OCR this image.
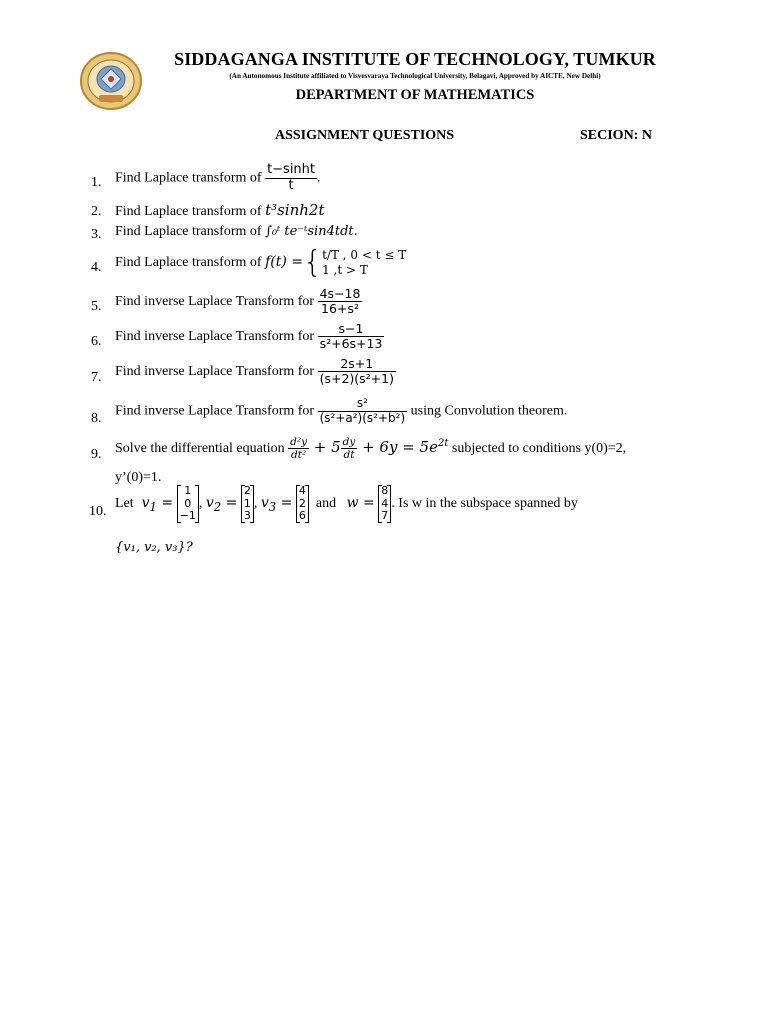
SIDDAGANGA INSTITUTE OF TECHNOLOGY, TUMKUR
(An Autonomous Institute affiliated to Visvesvaraya Technological University, Belagavi, Approved by AICTE, New Delhi)
DEPARTMENT OF MATHEMATICS
ASSIGNMENT QUESTIONS	SECION: N
1. Find Laplace transform of $\frac{t-\sinh t}{t}$ .
2. Find Laplace transform of t³sinh2t
3. Find Laplace transform of ∫₀ᵗ te⁻ᵗsin4tdt.
4. Find Laplace transform of f(t) ={ t/T , 0 < t ≤ T
1 ,t > T
5. Find inverse Laplace Transform for $\frac{4s-18}{\text{16+s²}}$
6. Find inverse Laplace Transform for $\frac{s-1}{\text{s²+6s+13}}$
7. Find inverse Laplace Transform for $\frac{2s+1}{\text{(s+2)(s²+1)}}$
8. Find inverse Laplace Transform for $\frac{\text{s²}}{\text{(s²+a²)(s²+b²)}}$ using Convolution theorem.
9. Solve the differential equation $\frac{\text{d²y}}{\text{dt²}} + 5 \frac{dy}{dt} + 6y = 5e^{2t}$ subjected to conditions y(0)=2,
y’(0)=1.
10.
Let  $v_1$ =
1
0
−1
, $v_2$ =
2
1
3
, $v_3$ =
4
2
6
and   w =
8
4
7
. Is w in the subspace spanned by
{v₁, v₂, v₃}?
